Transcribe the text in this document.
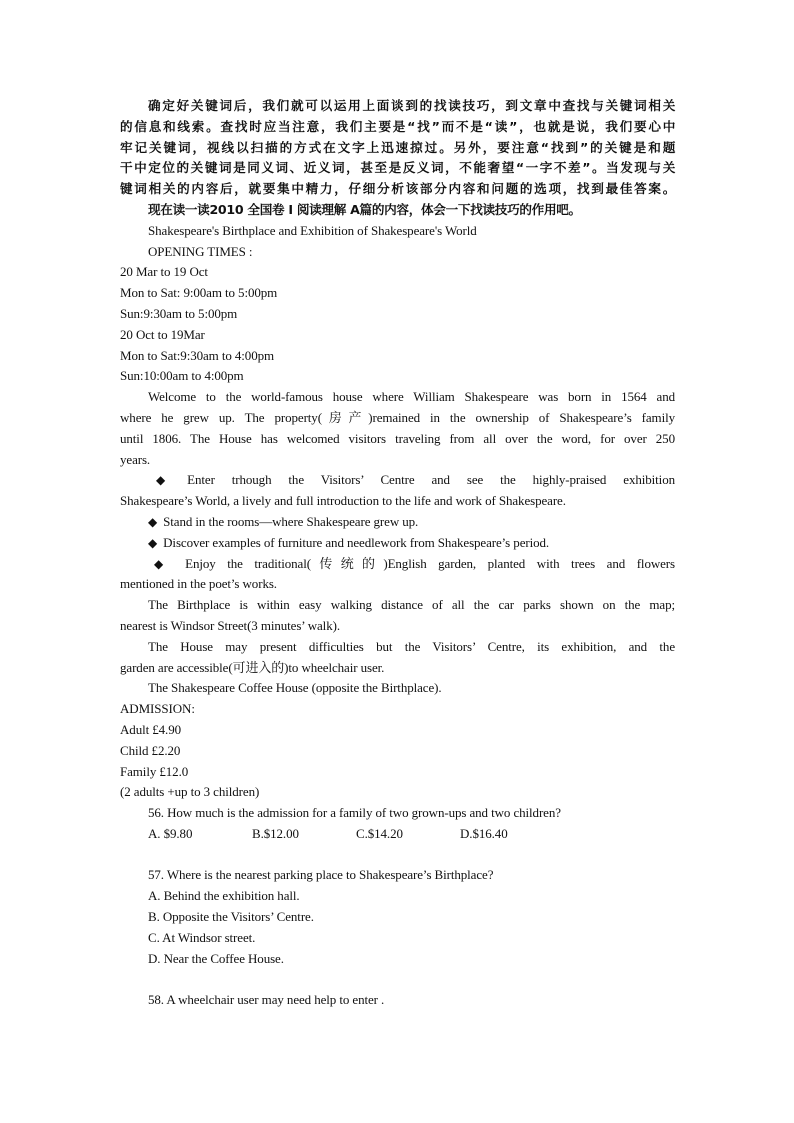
确定好关键词后，我们就可以运用上面谈到的找读技巧，到文章中查找与关键词相关
的信息和线索。查找时应当注意，我们主要是“找”而不是“读”，也就是说，我们要心中
牢记关键词，视线以扫描的方式在文字上迅速掠过。另外，要注意“找到”的关键是和题
干中定位的关键词是同义词、近义词，甚至是反义词，不能奢望“一字不差”。当发现与关
键词相关的内容后，就要集中精力，仔细分析该部分内容和问题的选项，找到最佳答案。
现在读一读2010 全国卷 I 阅读理解 A篇的内容，体会一下找读技巧的作用吧。
Shakespeare's Birthplace and Exhibition of Shakespeare's World
OPENING TIMES :
20 Mar to 19 Oct
Mon to Sat: 9:00am to 5:00pm
Sun:9:30am to 5:00pm
20 Oct to 19Mar
Mon to Sat:9:30am to 4:00pm
Sun:10:00am to 4:00pm
Welcome to the world-famous house where William Shakespeare was born in 1564 and
where he grew up. The property(房产)remained in the ownership of Shakespeare’s family
until 1806. The House has welcomed visitors traveling from all over the word, for over 250
years.
◆ Enter trhough the Visitors’ Centre and see the highly-praised exhibition
Shakespeare’s World, a lively and full introduction to the life and work of Shakespeare.
◆ Stand in the rooms—where Shakespeare grew up.
◆ Discover examples of furniture and needlework from Shakespeare’s period.
◆ Enjoy the traditional(传统的)English garden, planted with trees and flowers
mentioned in the poet’s works.
The Birthplace is within easy walking distance of all the car parks shown on the map;
nearest is Windsor Street(3 minutes’ walk).
The House may present difficulties but the Visitors’ Centre, its exhibition, and the
garden are accessible(可进入的)to wheelchair user.
The Shakespeare Coffee House (opposite the Birthplace).
ADMISSION:
Adult £4.90
Child £2.20
Family £12.0
(2 adults +up to 3 children)
56. How much is the admission for a family of two grown-ups and two children?
A. $9.80	B.$12.00	C.$14.20	D.$16.40
57. Where is the nearest parking place to Shakespeare’s Birthplace?
A. Behind the exhibition hall.
B. Opposite the Visitors’ Centre.
C. At Windsor street.
D. Near the Coffee House.
58. A wheelchair user may need help to enter .
